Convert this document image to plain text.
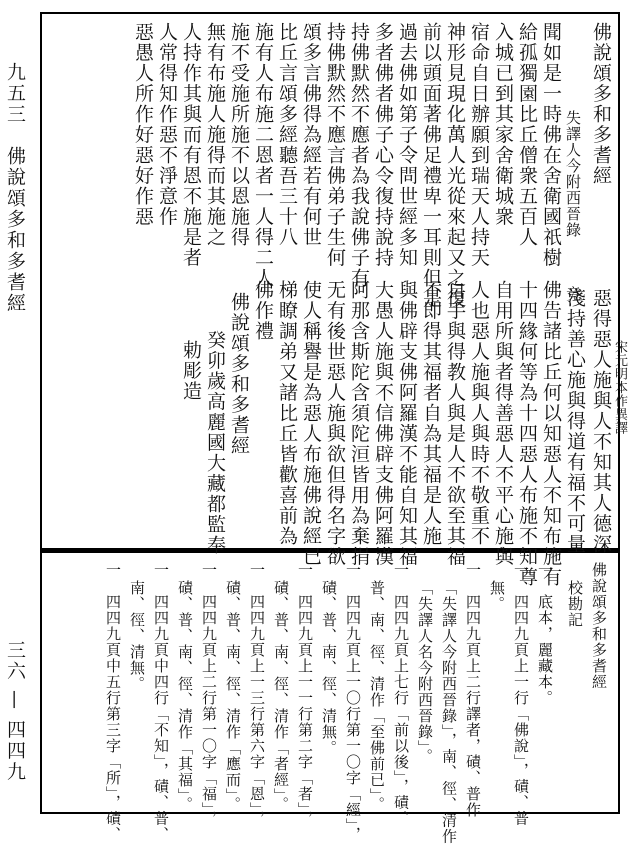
九五三　佛說頌多和多耆經
三六 — 四四九
佛說頌多和多耆經
失譯人今附西晉錄　　　竟
聞如是一時佛在舍衛國祇樹
給孤獨園比丘僧衆五百人
入城已到其家舍衛城衆
宿命自日辦願到瑞天人持天
神形見現化萬人光從來起又之復
前以頭面著佛足禮卑一耳則但是
過去佛如第子令問世經多知
多者佛者佛子心令復持說持
持佛默然不應者為我說佛子有
持佛默然不應言佛弟子生何
頌多言佛得為經若有何世
比丘言頌多經聽吾三十八
施有人布施二恩者一人得二人
施不受施所施不以恩施得
無有布施人施得而其施之
人持作其與而有恩不施是者
人常得知作惡不淨意作
惡愚人所作好惡好作惡
惡得惡人施與人不知其人德深 宋元明本作異譯
淺持善心施與得道有福不可量
佛告諸比丘何以知惡人不知布施有
十四緣何等為十四惡人布施不知尊
自用所與者得善惡人不平心施與
人也惡人施與人與時不敬重不
自手與得教人與是人不欲至其福
不即得其福者自為其福是人施
與佛辟支佛阿羅漢不能自知其福
大愚人施與不信佛辟支佛阿羅漢
阿那含斯陀含須陀洹皆用為棄捐
无有後世惡人施與欲但得名字欲
使人稱譽是為惡人布施佛說經已
梯瞭調弟又諸比丘皆歡喜前為
佛作禮
佛說頌多和多耆經
癸卯歲高麗國大藏都監奉
勅彫造
佛說頌多和多耆經
校勘記
一　底本，麗藏本。
一　四四九頁上一行「佛說」，磧、普
無。
一　四四九頁上二行譯者，磧、普作
「失譯人今附西晉錄」，南、徑、清作
「失譯人名今附西晉錄」。
一　四四九頁上七行「前以後」，磧、
普、南、徑、清作「至佛前已」。
一　四四九頁上一〇行第一〇字「經」，
磧、普、南、徑、清無。
一　四四九頁上一一行第二字「者」，
磧、普、南、徑、清作「者經」。
一　四四九頁上一三行第六字「恩」，
磧、普、南、徑、清作「應而」。
一　四四九頁上二行第一〇字「福」，
磧、普、南、徑、清作「其福」。
一　四四九頁中四行「不知」，磧、普、
南、徑、清無。
一　四四九頁中五行第三字「所」，磧、
